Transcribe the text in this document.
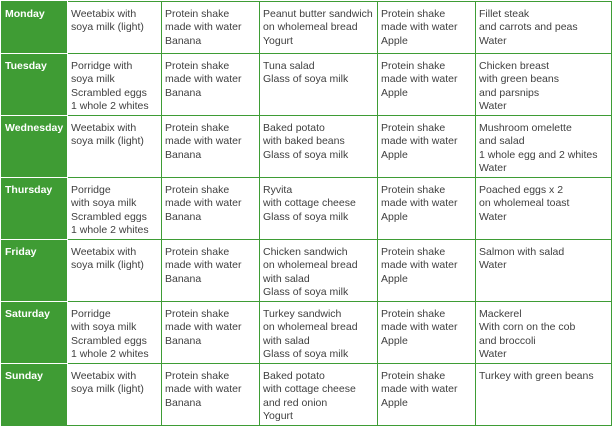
Monday	Weetabix with
soya milk (light)	Protein shake
made with water
Banana	Peanut butter sandwich
on wholemeal bread
Yogurt	Protein shake
made with water
Apple	Fillet steak
and carrots and peas
Water
Tuesday	Porridge with
soya milk
Scrambled eggs
1 whole 2 whites	Protein shake
made with water
Banana	Tuna salad
Glass of soya milk	Protein shake
made with water
Apple	Chicken breast
with green beans
and parsnips
Water
Wednesday	Weetabix with
soya milk (light)	Protein shake
made with water
Banana	Baked potato
with baked beans
Glass of soya milk	Protein shake
made with water
Apple	Mushroom omelette
and salad
1 whole egg and 2 whites
Water
Thursday	Porridge
with soya milk
Scrambled eggs
1 whole 2 whites	Protein shake
made with water
Banana	Ryvita
with cottage cheese
Glass of soya milk	Protein shake
made with water
Apple	Poached eggs x 2
on wholemeal toast
Water
Friday	Weetabix with
soya milk (light)	Protein shake
made with water
Banana	Chicken sandwich
on wholemeal bread
with salad
Glass of soya milk	Protein shake
made with water
Apple	Salmon with salad
Water
Saturday	Porridge
with soya milk
Scrambled eggs
1 whole 2 whites	Protein shake
made with water
Banana	Turkey sandwich
on wholemeal bread
with salad
Glass of soya milk	Protein shake
made with water
Apple	Mackerel
With corn on the cob
and broccoli
Water
Sunday	Weetabix with
soya milk (light)	Protein shake
made with water
Banana	Baked potato
with cottage cheese
and red onion
Yogurt	Protein shake
made with water
Apple	Turkey with green beans
